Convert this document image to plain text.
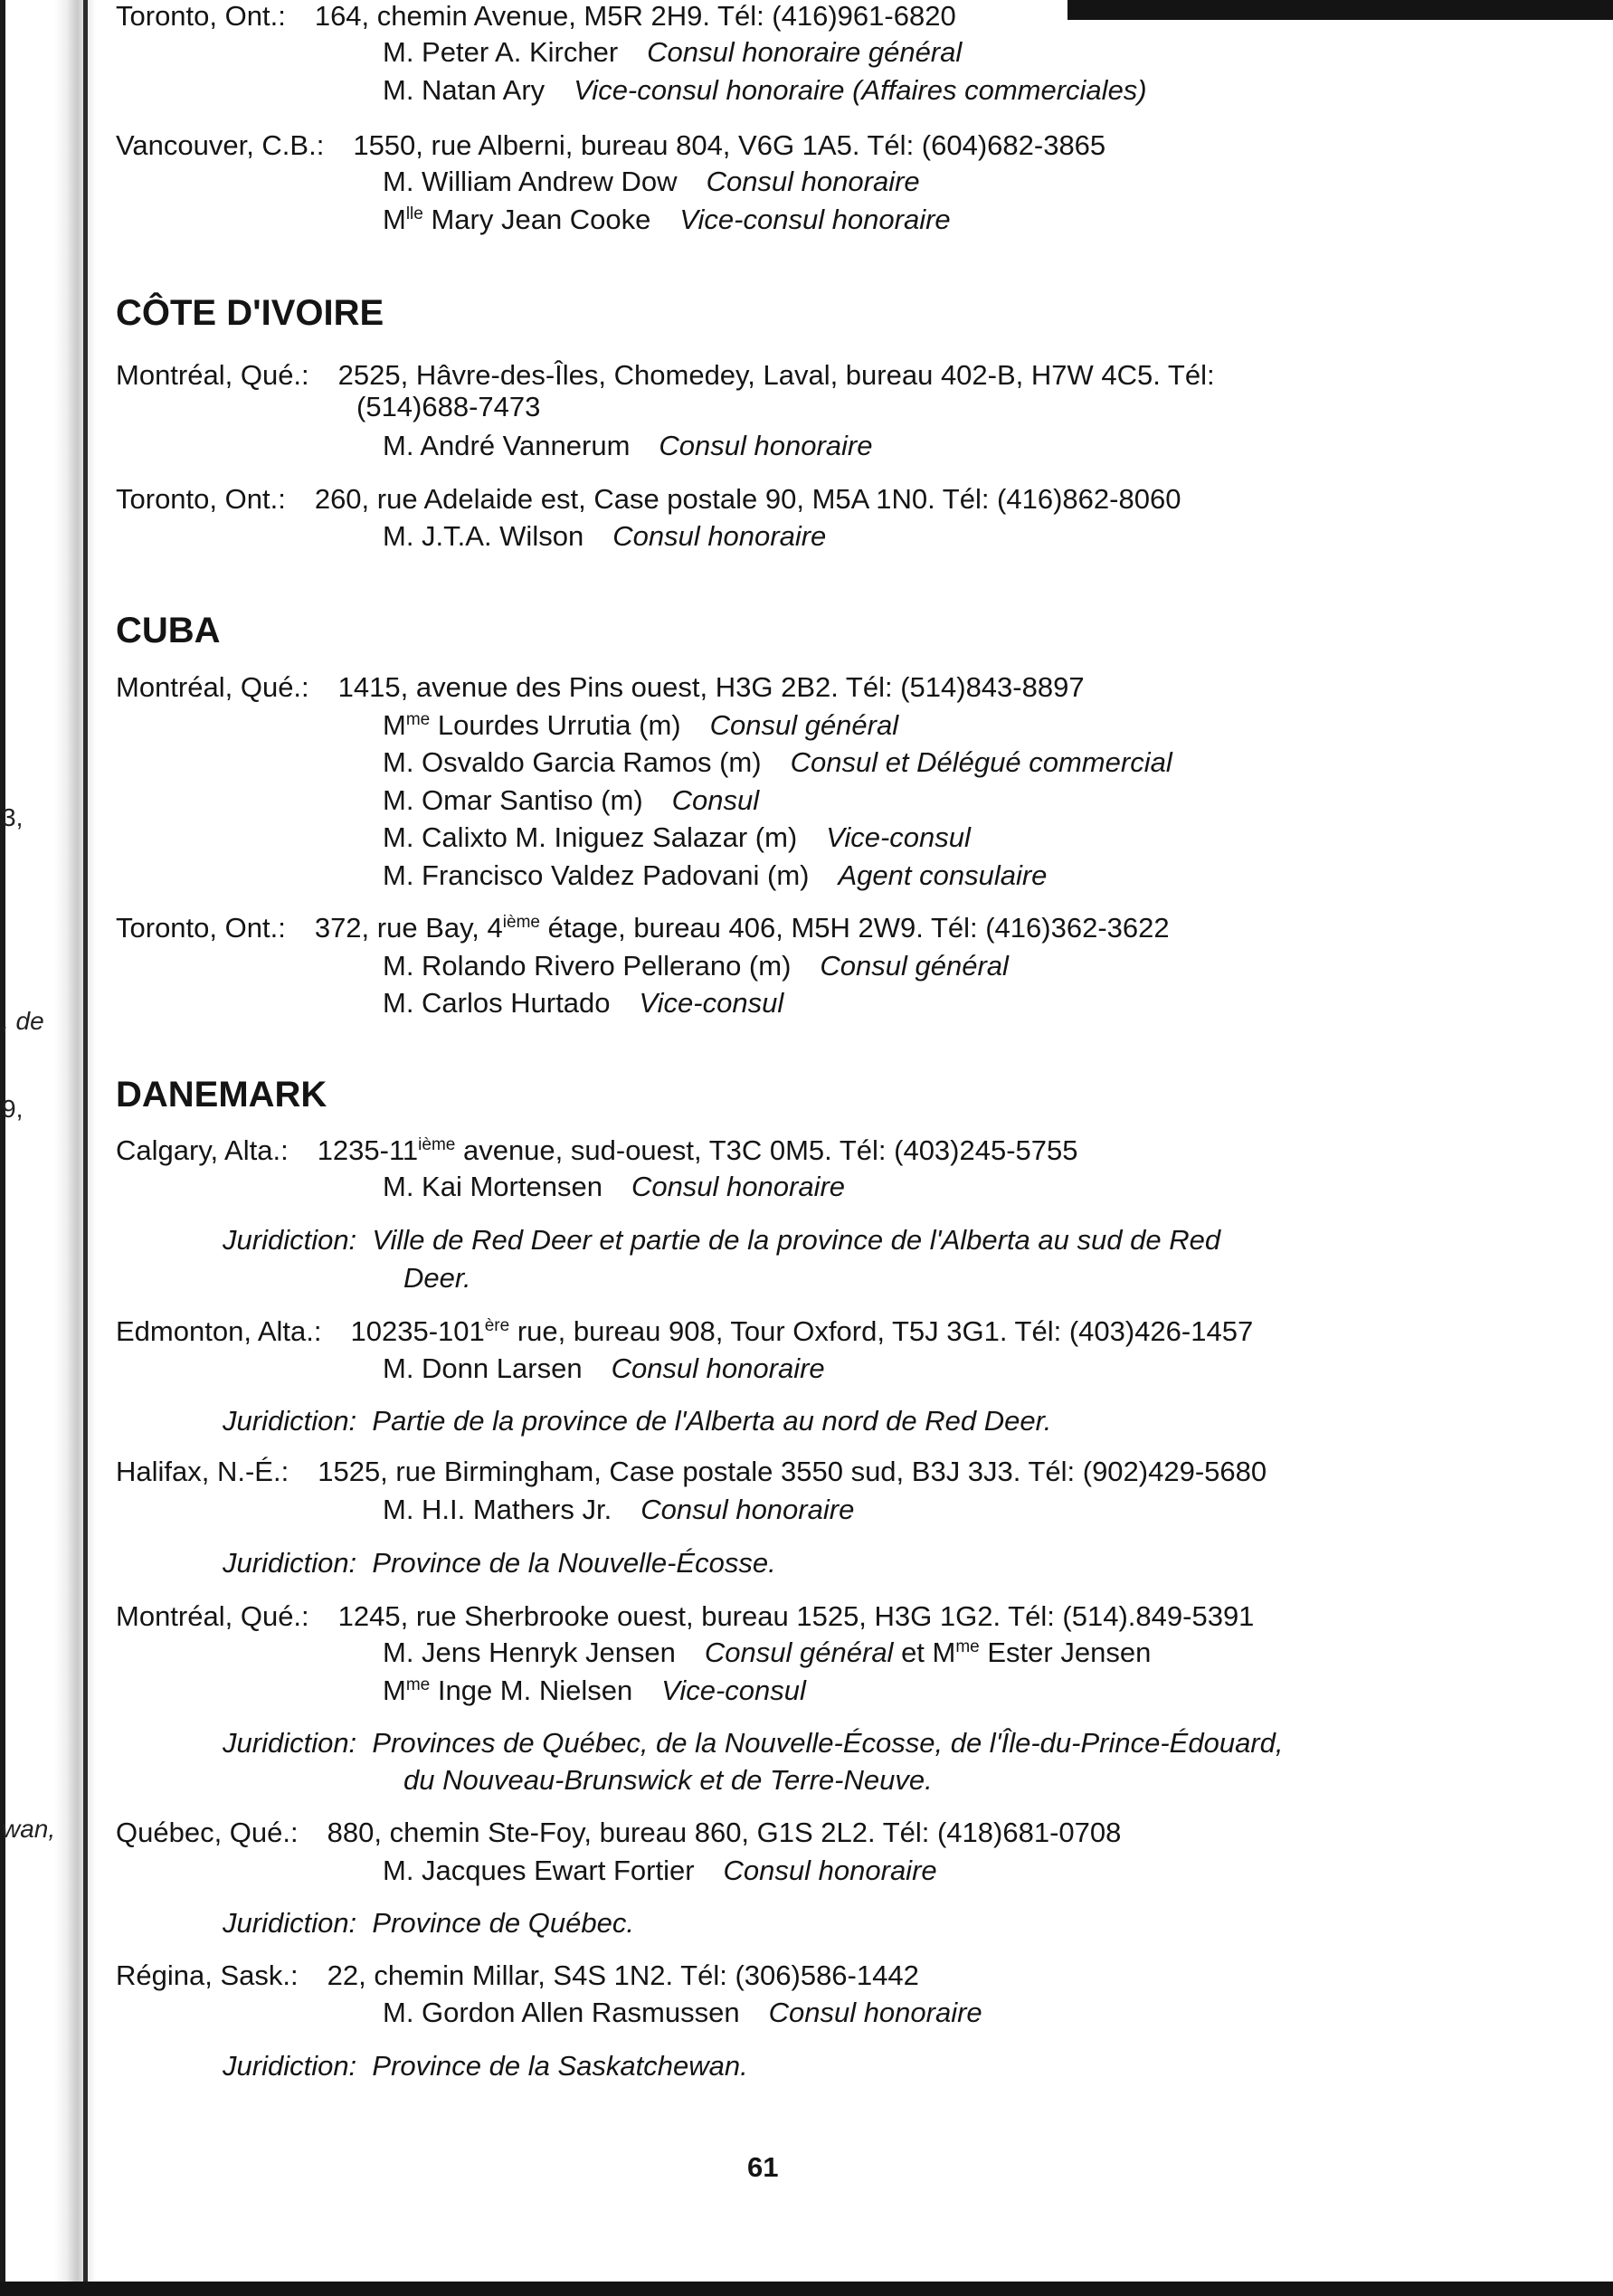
3,
, de
9,
wan,
Toronto, Ont.: 164, chemin Avenue, M5R 2H9. Tél: (416)961-6820
M. Peter A. Kircher Consul honoraire général
M. Natan Ary Vice-consul honoraire (Affaires commerciales)
Vancouver, C.B.: 1550, rue Alberni, bureau 804, V6G 1A5. Tél: (604)682-3865
M. William Andrew Dow Consul honoraire
$M^{lle}$ Mary Jean Cooke Vice-consul honoraire
CÔTE D'IVOIRE
Montréal, Qué.: 2525, Hâvre-des-Îles, Chomedey, Laval, bureau 402-B, H7W 4C5. Tél:
(514)688-7473
M. André Vannerum Consul honoraire
Toronto, Ont.: 260, rue Adelaide est, Case postale 90, M5A 1N0. Tél: (416)862-8060
M. J.T.A. Wilson Consul honoraire
CUBA
Montréal, Qué.: 1415, avenue des Pins ouest, H3G 2B2. Tél: (514)843-8897
$M^{me}$ Lourdes Urrutia (m) Consul général
M. Osvaldo Garcia Ramos (m) Consul et Délégué commercial
M. Omar Santiso (m) Consul
M. Calixto M. Iniguez Salazar (m) Vice-consul
M. Francisco Valdez Padovani (m) Agent consulaire
Toronto, Ont.: 372, rue Bay, 4ième étage, bureau 406, M5H 2W9. Tél: (416)362-3622
M. Rolando Rivero Pellerano (m) Consul général
M. Carlos Hurtado Vice-consul
DANEMARK
Calgary, Alta.: 1235-11ième avenue, sud-ouest, T3C 0M5. Tél: (403)245-5755
M. Kai Mortensen Consul honoraire
Juridiction: Ville de Red Deer et partie de la province de l'Alberta au sud de Red
Deer.
Edmonton, Alta.: 10235-101ère rue, bureau 908, Tour Oxford, T5J 3G1. Tél: (403)426-1457
M. Donn Larsen Consul honoraire
Juridiction: Partie de la province de l'Alberta au nord de Red Deer.
Halifax, N.-É.: 1525, rue Birmingham, Case postale 3550 sud, B3J 3J3. Tél: (902)429-5680
M. H.I. Mathers Jr. Consul honoraire
Juridiction: Province de la Nouvelle-Écosse.
Montréal, Qué.: 1245, rue Sherbrooke ouest, bureau 1525, H3G 1G2. Tél: (514).849-5391
M. Jens Henryk Jensen Consul général et $M^{me}$ Ester Jensen
$M^{me}$ Inge M. Nielsen Vice-consul
Juridiction: Provinces de Québec, de la Nouvelle-Écosse, de l'Île-du-Prince-Édouard,
du Nouveau-Brunswick et de Terre-Neuve.
Québec, Qué.: 880, chemin Ste-Foy, bureau 860, G1S 2L2. Tél: (418)681-0708
M. Jacques Ewart Fortier Consul honoraire
Juridiction: Province de Québec.
Régina, Sask.: 22, chemin Millar, S4S 1N2. Tél: (306)586-1442
M. Gordon Allen Rasmussen Consul honoraire
Juridiction: Province de la Saskatchewan.
61
